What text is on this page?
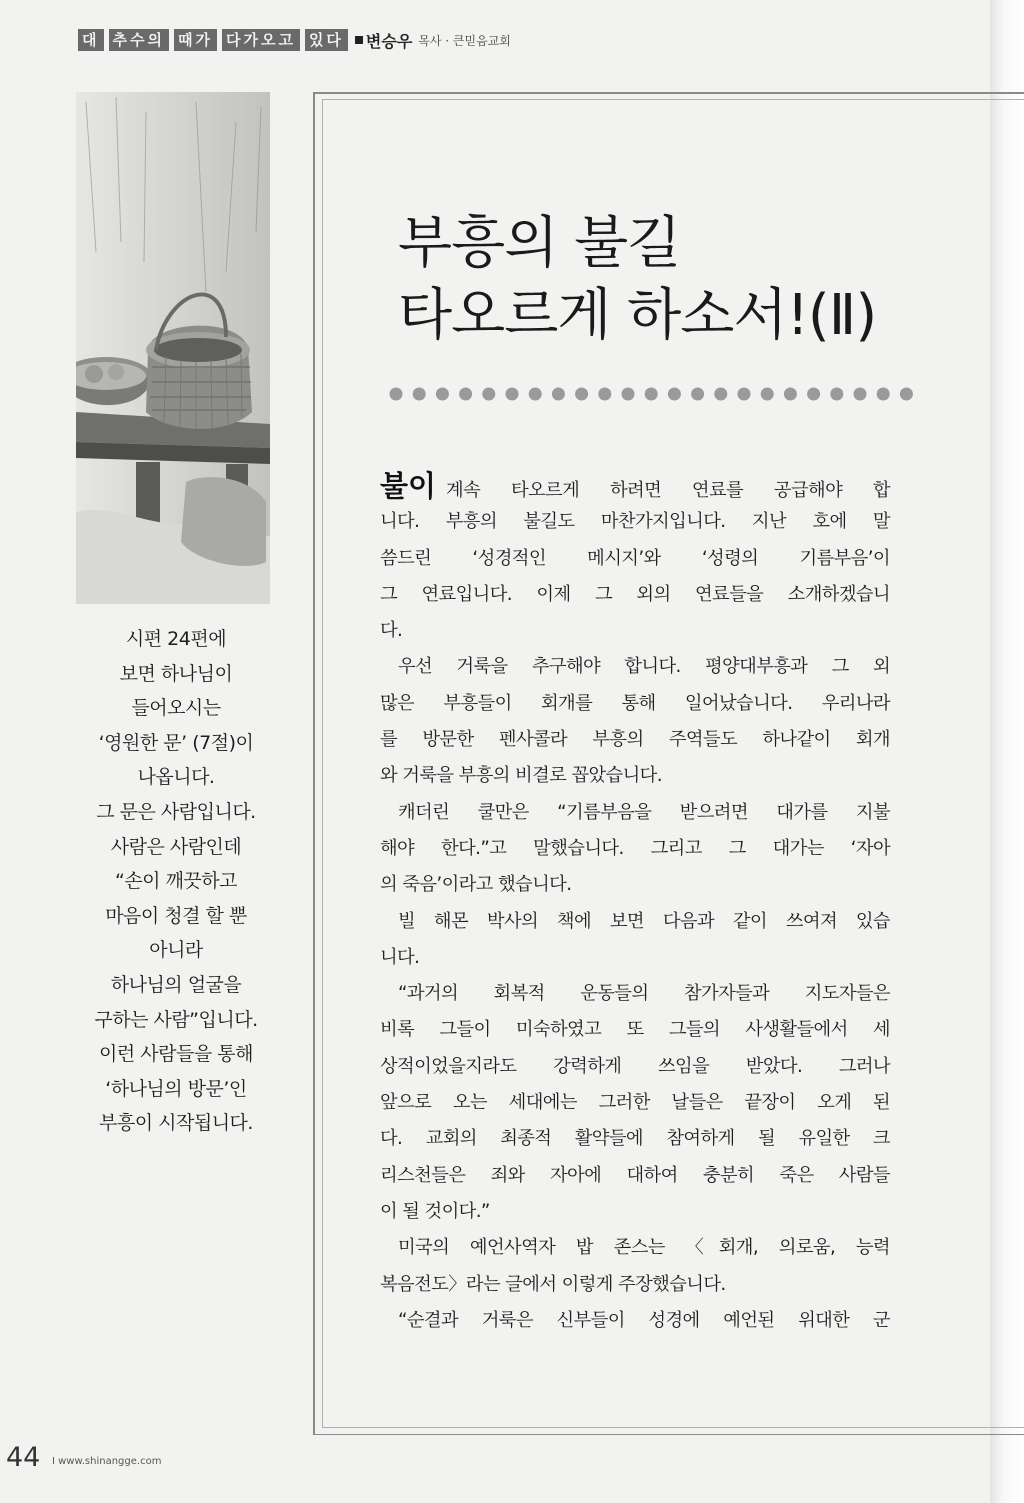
대 추수의 때가 다가오고 있다 변승우 목사 · 큰믿음교회
시편 24편에
보면 하나님이
들어오시는
‘영원한 문’ (7절)이
나옵니다.
그 문은 사람입니다.
사람은 사람인데
“손이 깨끗하고
마음이 청결 할 뿐
아니라
하나님의 얼굴을
구하는 사람”입니다.
이런 사람들을 통해
‘하나님의 방문’인
부흥이 시작됩니다.
부흥의 불길
타오르게 하소서!(Ⅱ)
불이 계속 타오르게 하려면 연료를 공급해야 합
니다. 부흥의 불길도 마찬가지입니다. 지난 호에 말
씀드린 ‘성경적인 메시지’와 ‘성령의 기름부음’이
그 연료입니다. 이제 그 외의 연료들을 소개하겠습니
다.
우선 거룩을 추구해야 합니다. 평양대부흥과 그 외
많은 부흥들이 회개를 통해 일어났습니다. 우리나라
를 방문한 펜사콜라 부흥의 주역들도 하나같이 회개
와 거룩을 부흥의 비결로 꼽았습니다.
캐더린 쿨만은 “기름부음을 받으려면 대가를 지불
해야 한다.”고 말했습니다. 그리고 그 대가는 ‘자아
의 죽음’이라고 했습니다.
빌 해몬 박사의 책에 보면 다음과 같이 쓰여져 있습
니다.
“과거의 회복적 운동들의 참가자들과 지도자들은
비록 그들이 미숙하였고 또 그들의 사생활들에서 세
상적이었을지라도 강력하게 쓰임을 받았다. 그러나
앞으로 오는 세대에는 그러한 날들은 끝장이 오게 된
다. 교회의 최종적 활약들에 참여하게 될 유일한 크
리스천들은 죄와 자아에 대하여 충분히 죽은 사람들
이 될 것이다.”
미국의 예언사역자 밥 존스는 〈회개, 의로움, 능력
복음전도〉라는 글에서 이렇게 주장했습니다.
“순결과 거룩은 신부들이 성경에 예언된 위대한 군
44 I www.shinangge.com
